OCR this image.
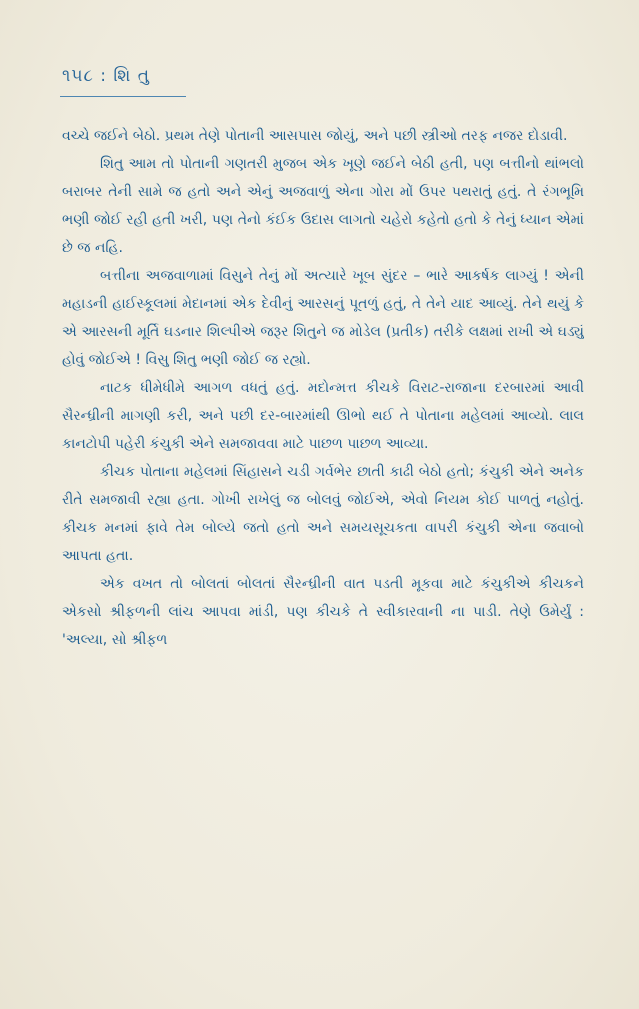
૧૫૮ : શિ તુ

વચ્ચે જઈને બેઠો. પ્રથમ તેણે પોતાની આસપાસ જોયું, અને પછી સ્ત્રીઓ તરફ નજર દોડાવી.

શિતુ આમ તો પોતાની ગણતરી મુજબ એક ખૂણે જઈને બેઠી હતી, પણ બત્તીનો થાંભલો બરાબર તેની સામે જ હતો અને એનું અજવાળું એના ગોરા મોં ઉપર પથરાતું હતું. તે રંગભૂમિ ભણી જોઈ રહી હતી ખરી, પણ તેનો કંઈક ઉદાસ લાગતો ચહેરો કહેતો હતો કે તેનું ધ્યાન એમાં છે જ નહિ.

બત્તીના અજવાળામાં વિસુને તેનું મોં અત્યારે ખૂબ સુંદર – ભારે આકર્ષક લાગ્યું ! એની મહાડની હાઈસ્કૂલમાં મેદાનમાં એક દેવીનું આરસનું પૂતળું હતું, તે તેને યાદ આવ્યું. તેને થયું કે એ આરસની મૂર્તિ ઘડનાર શિલ્પીએ જરૂર શિતુને જ મોડેલ (પ્રતીક) તરીકે લક્ષમાં રાખી એ ઘડ્યું હોવું જોઈએ ! વિસુ શિતુ ભણી જોઈ જ રહ્યો.

નાટક ધીમેધીમે આગળ વધતું હતું. મદોન્મત્ત કીચકે વિરાટ-રાજાના દરબારમાં આવી સૈરન્ધ્રીની માગણી કરી, અને પછી દર-બારમાંથી ઊભો થઈ તે પોતાના મહેલમાં આવ્યો. લાલ કાનટોપી પહેરી કંચુકી એને સમજાવવા માટે પાછળ પાછળ આવ્યા.

કીચક પોતાના મહેલમાં સિંહાસને ચડી ગર્વભેર છાતી કાઢી બેઠો હતો; કંચુકી એને અનેક રીતે સમજાવી રહ્યા હતા. ગોખી રાખેલું જ બોલવું જોઈએ, એવો નિયમ કોઈ પાળતું નહોતું. કીચક મનમાં ફાવે તેમ બોલ્યે જતો હતો અને સમયસૂચકતા વાપરી કંચુકી એના જવાબો આપતા હતા.

એક વખત તો બોલતાં બોલતાં સૈરન્ધ્રીની વાત પડતી મૂકવા માટે કંચુકીએ કીચકને એકસો શ્રીફળની લાંચ આપવા માંડી, પણ કીચકે તે સ્વીકારવાની ના પાડી. તેણે ઉમેર્યું : 'અલ્યા, સો શ્રીફળ
